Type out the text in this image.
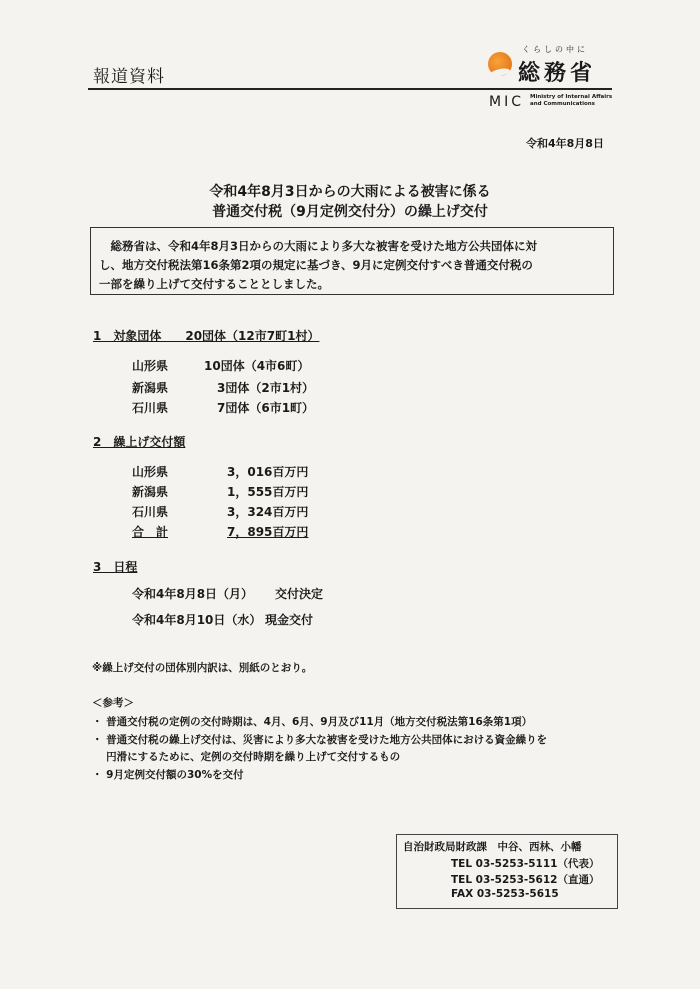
報道資料
くらしの中に
総務省
MIC Ministry of Internal Affairs
and Communications
令和4年8月8日
令和4年8月3日からの大雨による被害に係る
普通交付税（9月定例交付分）の繰上げ交付
　総務省は、令和4年8月3日からの大雨により多大な被害を受けた地方公共団体に対
し、地方交付税法第16条第2項の規定に基づき、9月に定例交付すべき普通交付税の
一部を繰り上げて交付することとしました。
1　対象団体　　20団体（12市7町1村）
山形県	10団体（4市6町）
新潟県	3団体（2市1村）
石川県	7団体（6市1町）
2　繰上げ交付額
山形県	3，016百万円
新潟県	1，555百万円
石川県	3，324百万円
合　計	7，895百万円
3　日程
令和4年8月8日（月） 交付決定
令和4年8月10日（水） 現金交付
※繰上げ交付の団体別内訳は、別紙のとおり。
＜参考＞
・ 普通交付税の定例の交付時期は、4月、6月、9月及び11月（地方交付税法第16条第1項）
・ 普通交付税の繰上げ交付は、災害により多大な被害を受けた地方公共団体における資金繰りを
　 円滑にするために、定例の交付時期を繰り上げて交付するもの
・ 9月定例交付額の30%を交付
自治財政局財政課　中谷、西林、小幡
TEL 03-5253-5111（代表）
TEL 03-5253-5612（直通）
FAX 03-5253-5615
